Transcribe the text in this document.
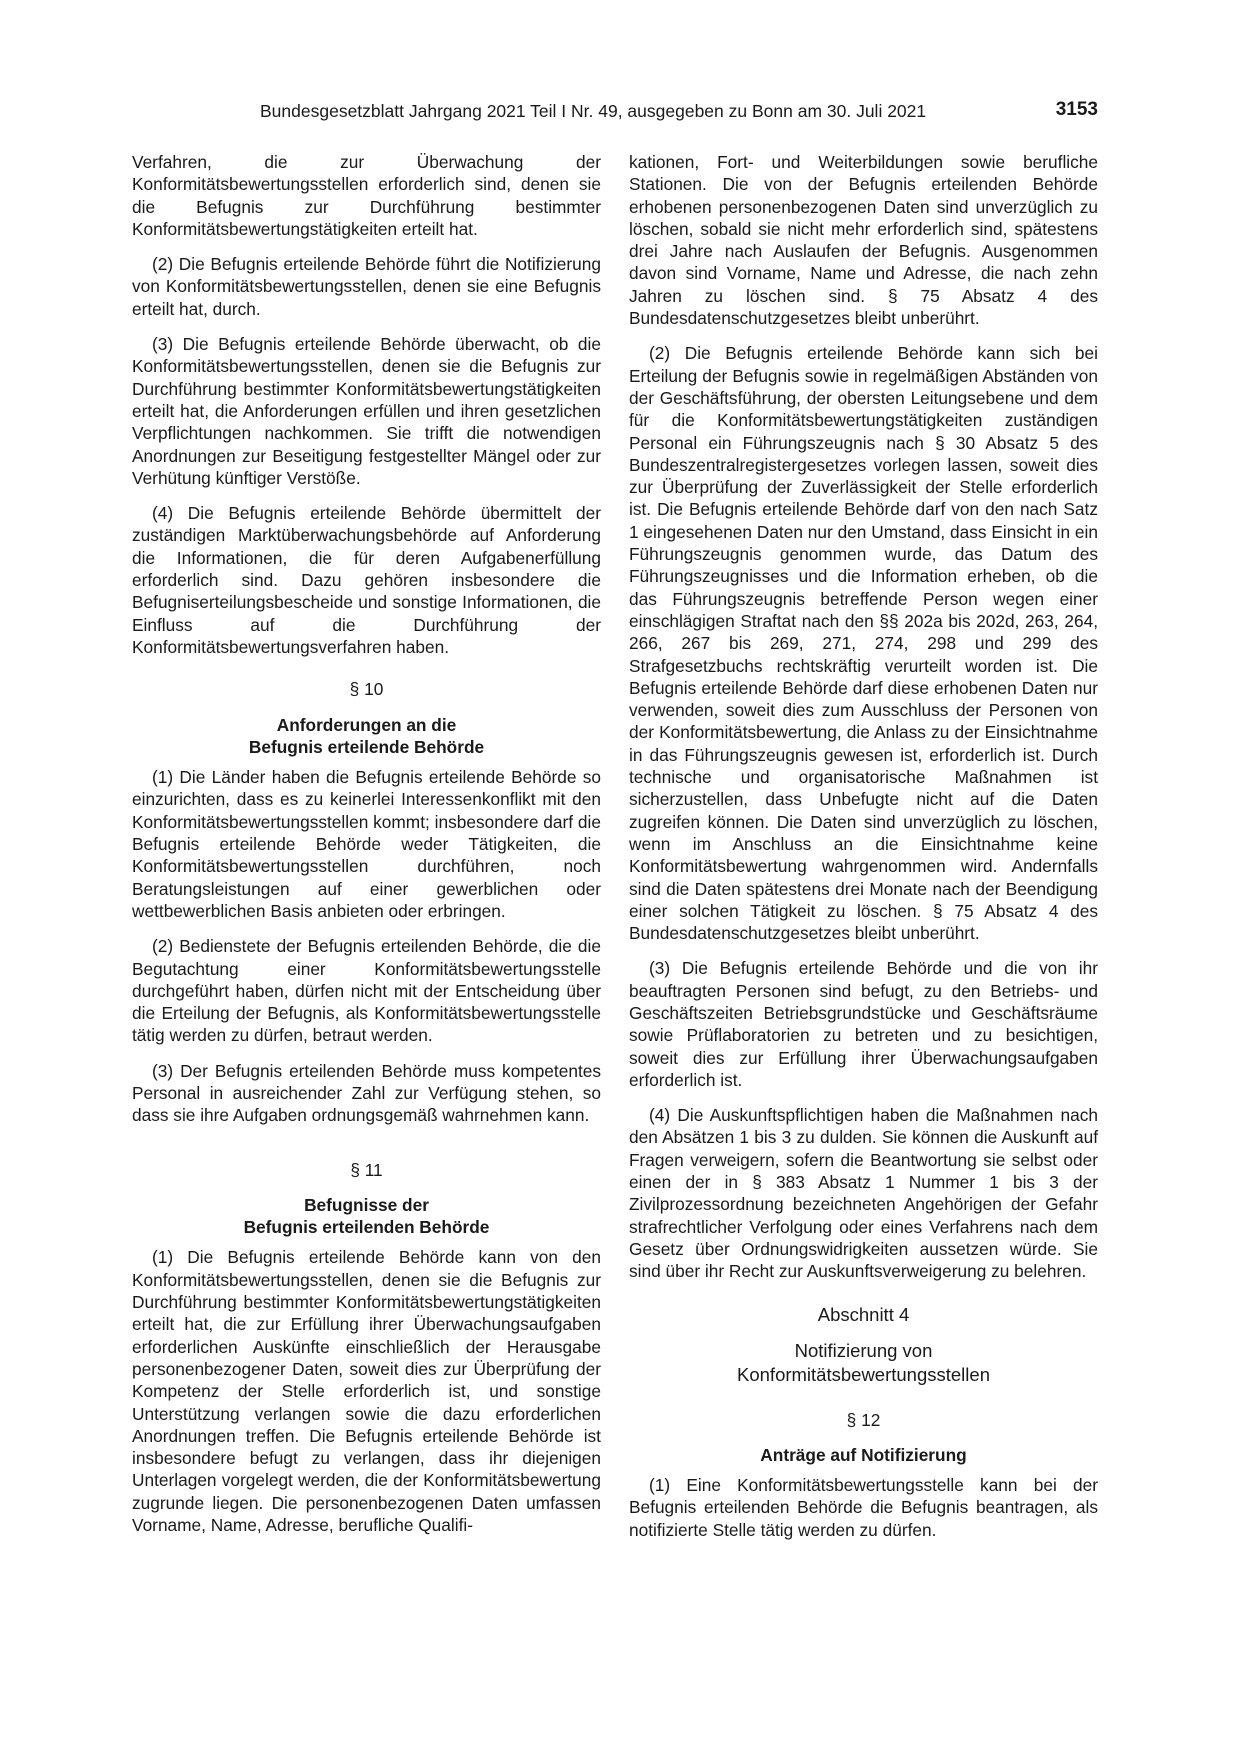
Bundesgesetzblatt Jahrgang 2021 Teil I Nr. 49, ausgegeben zu Bonn am 30. Juli 2021	3153

Verfahren, die zur Überwachung der Konformitätsbewertungsstellen erforderlich sind, denen sie die Befugnis zur Durchführung bestimmter Konformitätsbewertungstätigkeiten erteilt hat.

(2) Die Befugnis erteilende Behörde führt die Notifizierung von Konformitätsbewertungsstellen, denen sie eine Befugnis erteilt hat, durch.

(3) Die Befugnis erteilende Behörde überwacht, ob die Konformitätsbewertungsstellen, denen sie die Befugnis zur Durchführung bestimmter Konformitätsbewertungstätigkeiten erteilt hat, die Anforderungen erfüllen und ihren gesetzlichen Verpflichtungen nachkommen. Sie trifft die notwendigen Anordnungen zur Beseitigung festgestellter Mängel oder zur Verhütung künftiger Verstöße.

(4) Die Befugnis erteilende Behörde übermittelt der zuständigen Marktüberwachungsbehörde auf Anforderung die Informationen, die für deren Aufgabenerfüllung erforderlich sind. Dazu gehören insbesondere die Befugniserteilungsbescheide und sonstige Informationen, die Einfluss auf die Durchführung der Konformitätsbewertungsverfahren haben.

§ 10
Anforderungen an die
Befugnis erteilende Behörde

(1) Die Länder haben die Befugnis erteilende Behörde so einzurichten, dass es zu keinerlei Interessenkonflikt mit den Konformitätsbewertungsstellen kommt; insbesondere darf die Befugnis erteilende Behörde weder Tätigkeiten, die Konformitätsbewertungsstellen durchführen, noch Beratungsleistungen auf einer gewerblichen oder wettbewerblichen Basis anbieten oder erbringen.

(2) Bedienstete der Befugnis erteilenden Behörde, die die Begutachtung einer Konformitätsbewertungsstelle durchgeführt haben, dürfen nicht mit der Entscheidung über die Erteilung der Befugnis, als Konformitätsbewertungsstelle tätig werden zu dürfen, betraut werden.

(3) Der Befugnis erteilenden Behörde muss kompetentes Personal in ausreichender Zahl zur Verfügung stehen, so dass sie ihre Aufgaben ordnungsgemäß wahrnehmen kann.

§ 11
Befugnisse der
Befugnis erteilenden Behörde

(1) Die Befugnis erteilende Behörde kann von den Konformitätsbewertungsstellen, denen sie die Befugnis zur Durchführung bestimmter Konformitätsbewertungstätigkeiten erteilt hat, die zur Erfüllung ihrer Überwachungsaufgaben erforderlichen Auskünfte einschließlich der Herausgabe personenbezogener Daten, soweit dies zur Überprüfung der Kompetenz der Stelle erforderlich ist, und sonstige Unterstützung verlangen sowie die dazu erforderlichen Anordnungen treffen. Die Befugnis erteilende Behörde ist insbesondere befugt zu verlangen, dass ihr diejenigen Unterlagen vorgelegt werden, die der Konformitätsbewertung zugrunde liegen. Die personenbezogenen Daten umfassen Vorname, Name, Adresse, berufliche Qualifi-

kationen, Fort- und Weiterbildungen sowie berufliche Stationen. Die von der Befugnis erteilenden Behörde erhobenen personenbezogenen Daten sind unverzüglich zu löschen, sobald sie nicht mehr erforderlich sind, spätestens drei Jahre nach Auslaufen der Befugnis. Ausgenommen davon sind Vorname, Name und Adresse, die nach zehn Jahren zu löschen sind. § 75 Absatz 4 des Bundesdatenschutzgesetzes bleibt unberührt.

(2) Die Befugnis erteilende Behörde kann sich bei Erteilung der Befugnis sowie in regelmäßigen Abständen von der Geschäftsführung, der obersten Leitungsebene und dem für die Konformitätsbewertungstätigkeiten zuständigen Personal ein Führungszeugnis nach § 30 Absatz 5 des Bundeszentralregistergesetzes vorlegen lassen, soweit dies zur Überprüfung der Zuverlässigkeit der Stelle erforderlich ist. Die Befugnis erteilende Behörde darf von den nach Satz 1 eingesehenen Daten nur den Umstand, dass Einsicht in ein Führungszeugnis genommen wurde, das Datum des Führungszeugnisses und die Information erheben, ob die das Führungszeugnis betreffende Person wegen einer einschlägigen Straftat nach den §§ 202a bis 202d, 263, 264, 266, 267 bis 269, 271, 274, 298 und 299 des Strafgesetzbuchs rechtskräftig verurteilt worden ist. Die Befugnis erteilende Behörde darf diese erhobenen Daten nur verwenden, soweit dies zum Ausschluss der Personen von der Konformitätsbewertung, die Anlass zu der Einsichtnahme in das Führungszeugnis gewesen ist, erforderlich ist. Durch technische und organisatorische Maßnahmen ist sicherzustellen, dass Unbefugte nicht auf die Daten zugreifen können. Die Daten sind unverzüglich zu löschen, wenn im Anschluss an die Einsichtnahme keine Konformitätsbewertung wahrgenommen wird. Andernfalls sind die Daten spätestens drei Monate nach der Beendigung einer solchen Tätigkeit zu löschen. § 75 Absatz 4 des Bundesdatenschutzgesetzes bleibt unberührt.

(3) Die Befugnis erteilende Behörde und die von ihr beauftragten Personen sind befugt, zu den Betriebs- und Geschäftszeiten Betriebsgrundstücke und Geschäftsräume sowie Prüflaboratorien zu betreten und zu besichtigen, soweit dies zur Erfüllung ihrer Überwachungsaufgaben erforderlich ist.

(4) Die Auskunftspflichtigen haben die Maßnahmen nach den Absätzen 1 bis 3 zu dulden. Sie können die Auskunft auf Fragen verweigern, sofern die Beantwortung sie selbst oder einen der in § 383 Absatz 1 Nummer 1 bis 3 der Zivilprozessordnung bezeichneten Angehörigen der Gefahr strafrechtlicher Verfolgung oder eines Verfahrens nach dem Gesetz über Ordnungswidrigkeiten aussetzen würde. Sie sind über ihr Recht zur Auskunftsverweigerung zu belehren.

Abschnitt 4
Notifizierung von
Konformitätsbewertungsstellen
§ 12
Anträge auf Notifizierung

(1) Eine Konformitätsbewertungsstelle kann bei der Befugnis erteilenden Behörde die Befugnis beantragen, als notifizierte Stelle tätig werden zu dürfen.
